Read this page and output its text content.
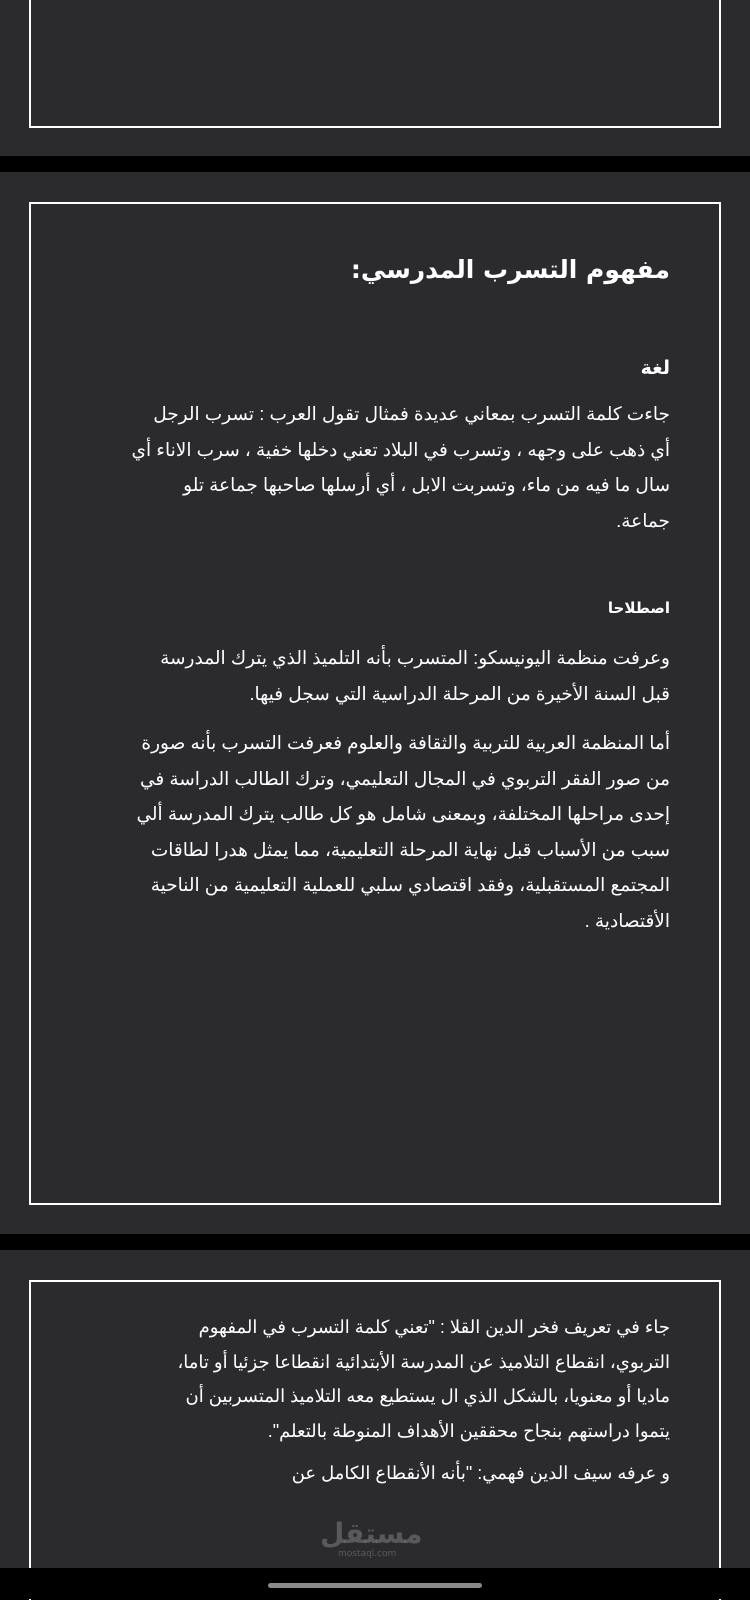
مفهوم التسرب المدرسي:
لغة

جاءت كلمة التسرب بمعاني عديدة فمثال تقول العرب : تسرب الرجل أي ذهب على وجهه ، وتسرب في البلاد تعني دخلها خفية ، سرب الاناء أي سال ما فيه من ماء، وتسربت الابل ، أي أرسلها صاحبها جماعة تلو جماعة.

اصطلاحا

وعرفت منظمة اليونيسكو: المتسرب بأنه التلميذ الذي يترك المدرسة قبل السنة الأخيرة من المرحلة الدراسية التي سجل فيها.

أما المنظمة العربية للتربية والثقافة والعلوم فعرفت التسرب بأنه صورة من صور الفقر التربوي في المجال التعليمي، وترك الطالب الدراسة في إحدى مراحلها المختلفة، وبمعنى شامل هو كل طالب يترك المدرسة ألي سبب من الأسباب قبل نهاية المرحلة التعليمية، مما يمثل هدرا لطاقات المجتمع المستقبلية، وفقد اقتصادي سلبي للعملية التعليمية من الناحية الأقتصادية .

جاء في تعريف فخر الدين القلا : "تعني كلمة التسرب في المفهوم التربوي، انقطاع التلاميذ عن المدرسة الأبتدائية انقطاعا جزئيا أو تاما، ماديا أو معنويا، بالشكل الذي ال يستطيع معه التلاميذ المتسربين أن يتموا دراستهم بنجاح محققين الأهداف المنوطة بالتعلم".

و عرفه سيف الدين فهمي: "بأنه الأنقطاع الكامل عن

مستقل
mostaql.com
